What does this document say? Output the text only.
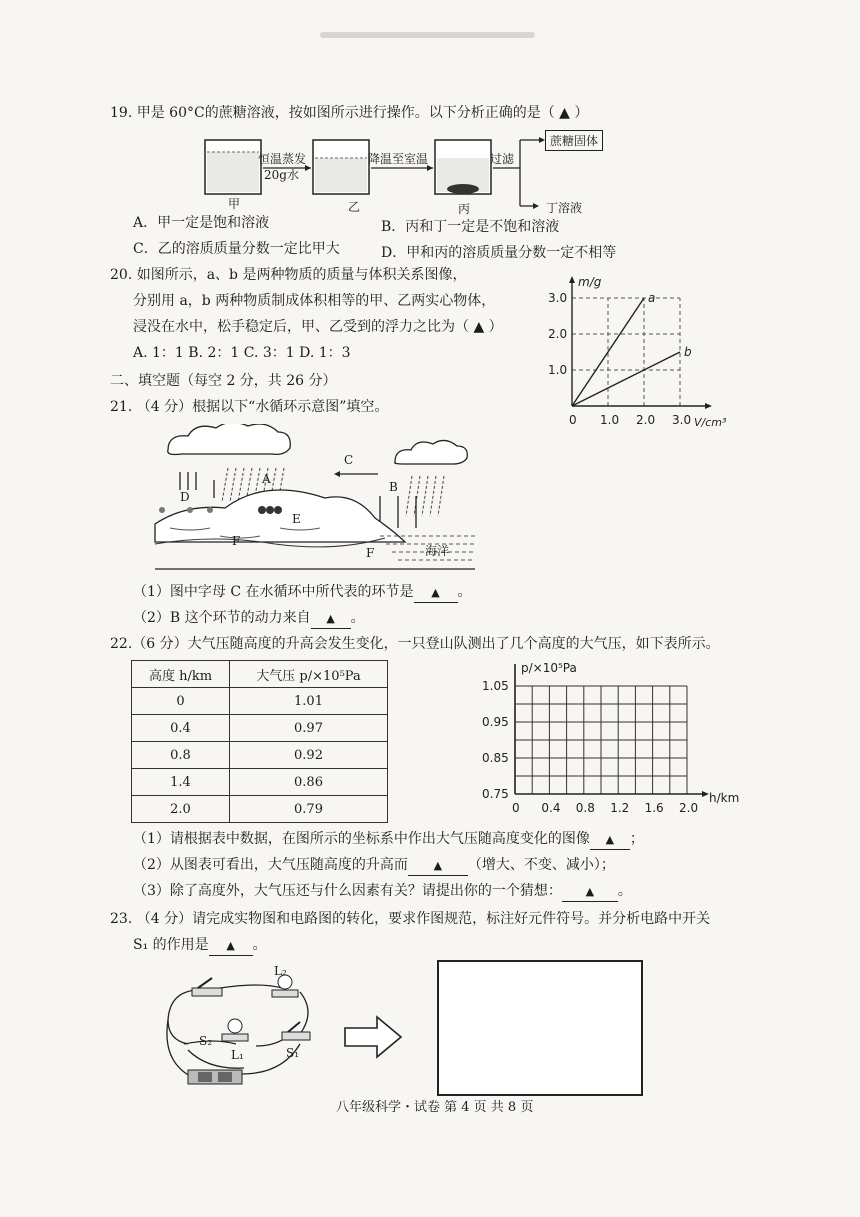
19. 甲是 60°C的蔗糖溶液，按如图所示进行操作。以下分析正确的是（ ▲ ）
恒温蒸发
20g水
降温至室温	过滤
蔗糖固体
甲	乙	丙	丁溶液
A．甲一定是饱和溶液	B．丙和丁一定是不饱和溶液
C．乙的溶质质量分数一定比甲大	D．甲和丙的溶质质量分数一定不相等
20. 如图所示，a、b 是两种物质的质量与体积关系图像，
分别用 a，b 两种物质制成体积相等的甲、乙两实心物体，
浸没在水中，松手稳定后，甲、乙受到的浮力之比为（ ▲ ）
A. 1：1 B. 2：1 C. 3：1 D. 1：3
a
b
1.0
2.0
3.0
0 1.0 2.0 3.0
m/g
V/cm³
二、填空题（每空 2 分，共 26 分）
21. （4 分）根据以下“水循环示意图”填空。
A
B
C
D
E
F
F	海洋
（1）图中字母 C 在水循环中所代表的环节是 ▲ 。
（2）B 这个环节的动力来自 ▲ 。
22.（6 分）大气压随高度的升高会发生变化，一只登山队测出了几个高度的大气压，如下表所示。
高度 h/km	大气压 p/×10⁵Pa
0	1.01
0.4	0.97
0.8	0.92
1.4	0.86
2.0	0.79
1.05
0.95
0.85
0.75
0 0.4 0.8 1.2 1.6 2.0
p/×10⁵Pa
h/km
（1）请根据表中数据，在图所示的坐标系中作出大气压随高度变化的图像 ▲ ；
（2）从图表可看出，大气压随高度的升高而 ▲ （增大、不变、减小）；
（3）除了高度外，大气压还与什么因素有关？请提出你的一个猜想： ▲ 。
23. （4 分）请完成实物图和电路图的转化，要求作图规范，标注好元件符号。并分析电路中开关
S₁ 的作用是 ▲ 。
L₂
S₂
L₁	S₁
八年级科学・试卷 第 4 页 共 8 页
